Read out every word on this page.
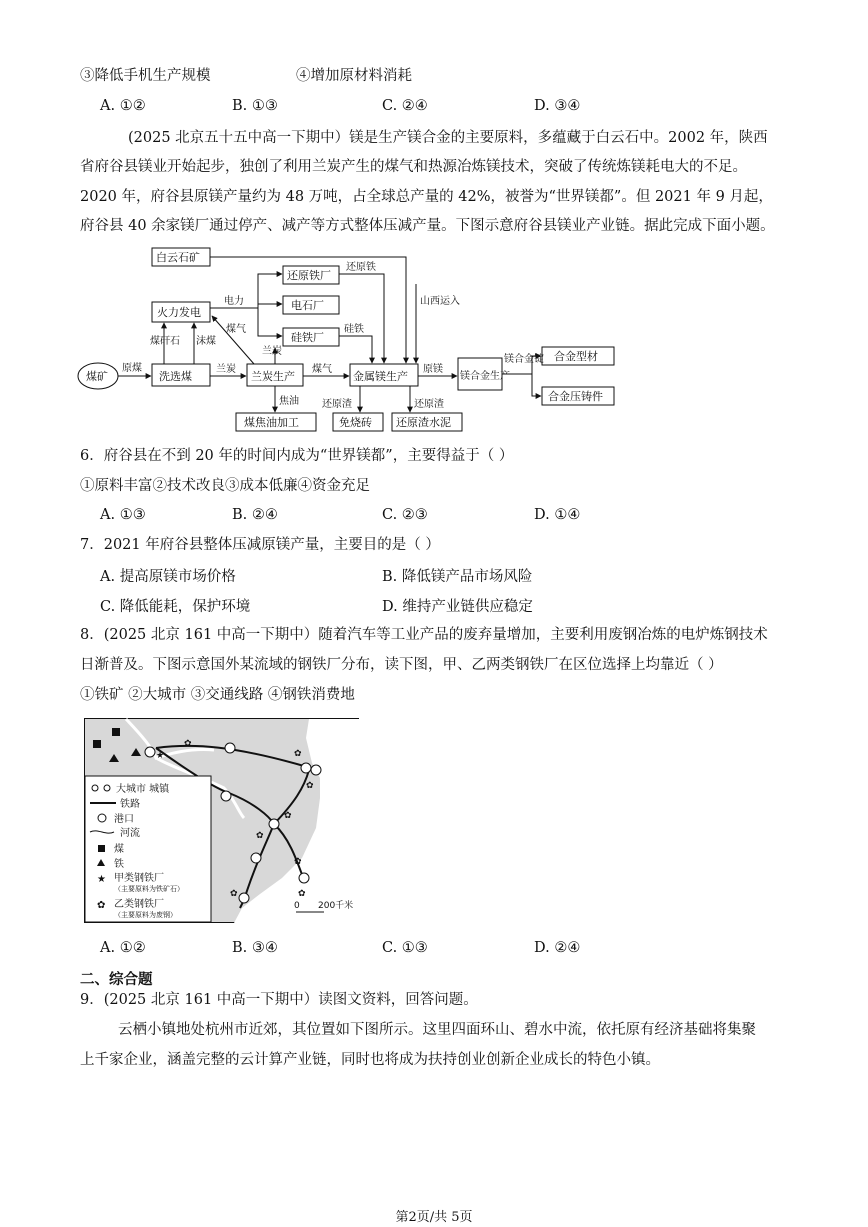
③降低手机生产规模	④增加原材料消耗
A. ①②	B. ①③	C. ②④	D. ③④
(2025 北京五十五中高一下期中）镁是生产镁合金的主要原料，多蕴藏于白云石中。2002 年，陕西
省府谷县镁业开始起步，独创了利用兰炭产生的煤气和热源冶炼镁技术，突破了传统炼镁耗电大的不足。
2020 年，府谷县原镁产量约为 48 万吨，占全球总产量的 42%，被誉为“世界镁都”。但 2021 年 9 月起，
府谷县 40 余家镁厂通过停产、减产等方式整体压减产量。下图示意府谷县镁业产业链。据此完成下面小题。
白云石矿
火力发电
煤矿	洗选煤	兰炭生产
还原铁厂
电石厂
硅铁厂
金属镁生产	镁合金生产
合金型材
合金压铸件
煤焦油加工	免烧砖 还原渣水泥
原煤
煤矸石 沫煤
电力
兰炭
煤气
兰炭
煤气
焦油
山西运入
还原铁
硅铁
原镁
镁合金锭
还原渣	还原渣
6．府谷县在不到 20 年的时间内成为“世界镁都”，主要得益于（ ）
①原料丰富②技术改良③成本低廉④资金充足
A. ①③	B. ②④	C. ②③	D. ①④
7．2021 年府谷县整体压减原镁产量，主要目的是（ ）
A. 提高原镁市场价格	B. 降低镁产品市场风险
C. 降低能耗，保护环境	D. 维持产业链供应稳定
8．(2025 北京 161 中高一下期中）随着汽车等工业产品的废弃量增加，主要利用废钢冶炼的电炉炼钢技术
日渐普及。下图示意国外某流域的钢铁厂分布，读下图，甲、乙两类钢铁厂在区位选择上均靠近（ ）
①铁矿 ②大城市 ③交通线路 ④钢铁消费地
✿
✿
✿
✿
✿
✿
✿	✿
★
大城市 城镇
铁路
港口
河流
煤
铁
★ 甲类钢铁厂
（主要原料为铁矿石）
✿ 乙类钢铁厂
（主要原料为废钢）
0 200千米
A. ①②	B. ③④	C. ①③	D. ②④
二、综合题
9．(2025 北京 161 中高一下期中）读图文资料，回答问题。
云栖小镇地处杭州市近郊，其位置如下图所示。这里四面环山、碧水中流，依托原有经济基础将集聚
上千家企业，涵盖完整的云计算产业链，同时也将成为扶持创业创新企业成长的特色小镇。
第2页/共 5页
